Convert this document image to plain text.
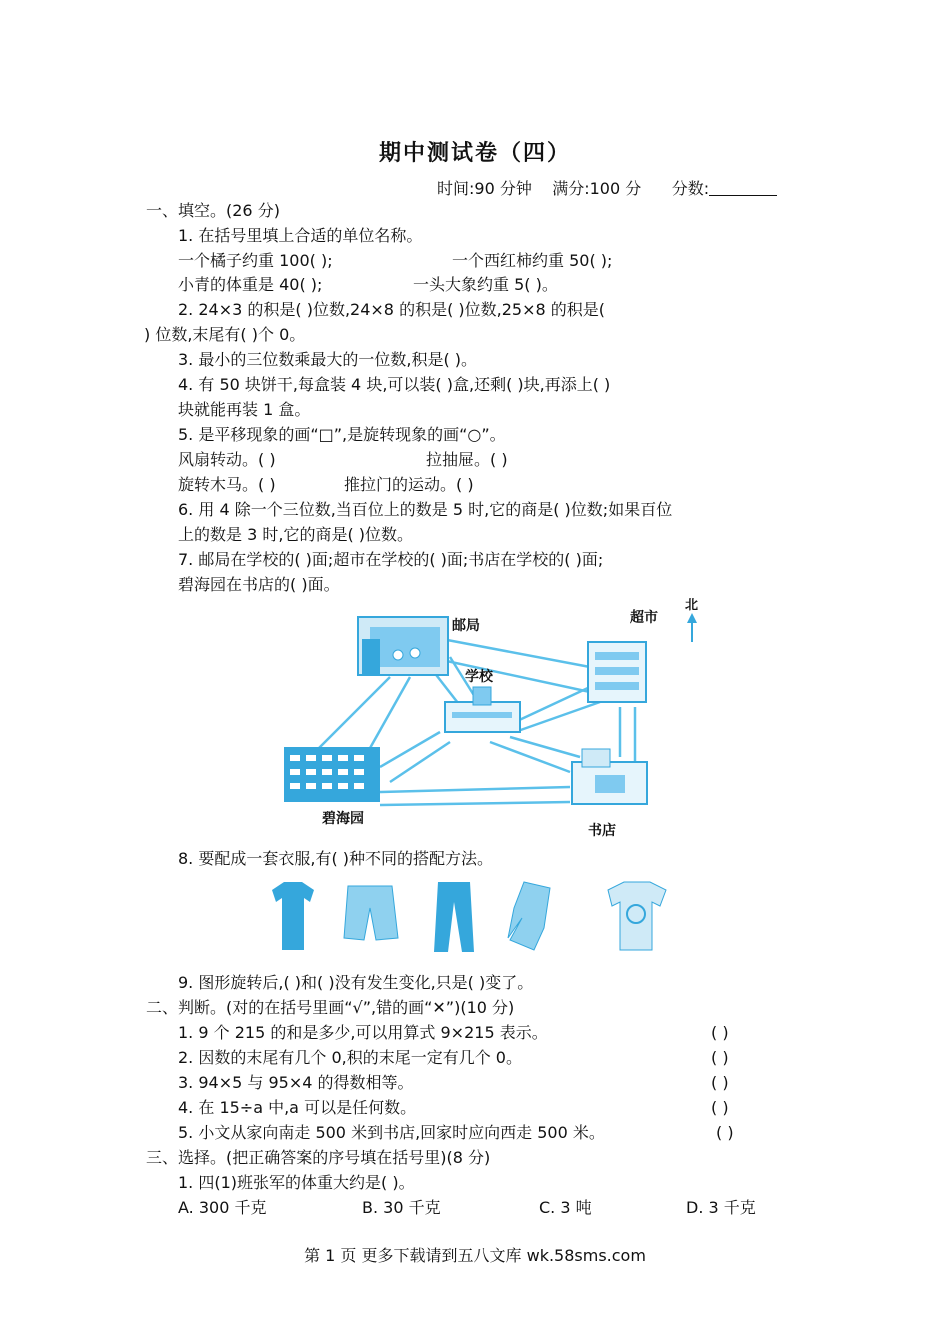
期中测试卷（四）
时间:90 分钟 满分:100 分 分数:
一、填空。(26 分)
1. 在括号里填上合适的单位名称。
一个橘子约重 100( );	一个西红柿约重 50( );
小青的体重是 40( );	一头大象约重 5( )。
2. 24×3 的积是( )位数,24×8 的积是( )位数,25×8 的积是(
) 位数,末尾有( )个 0。
3. 最小的三位数乘最大的一位数,积是( )。
4. 有 50 块饼干,每盒装 4 块,可以装( )盒,还剩( )块,再添上( )
块就能再装 1 盒。
5. 是平移现象的画“□”,是旋转现象的画“○”。
风扇转动。( )	拉抽屉。( )
旋转木马。( )	推拉门的运动。( )
6. 用 4 除一个三位数,当百位上的数是 5 时,它的商是( )位数;如果百位
上的数是 3 时,它的商是( )位数。
7. 邮局在学校的( )面;超市在学校的( )面;书店在学校的( )面;
碧海园在书店的( )面。
邮局	超市
北
学校
碧海园
书店
8. 要配成一套衣服,有( )种不同的搭配方法。
9. 图形旋转后,( )和( )没有发生变化,只是( )变了。
二、判断。(对的在括号里画“√”,错的画“✕”)(10 分)
1. 9 个 215 的和是多少,可以用算式 9×215 表示。	( )
2. 因数的末尾有几个 0,积的末尾一定有几个 0。	( )
3. 94×5 与 95×4 的得数相等。	( )
4. 在 15÷a 中,a 可以是任何数。	( )
5. 小文从家向南走 500 米到书店,回家时应向西走 500 米。	( )
三、选择。(把正确答案的序号填在括号里)(8 分)
1. 四(1)班张军的体重大约是( )。
A. 300 千克	B. 30 千克	C. 3 吨	D. 3 千克
第 1 页 更多下载请到五八文库 wk.58sms.com
